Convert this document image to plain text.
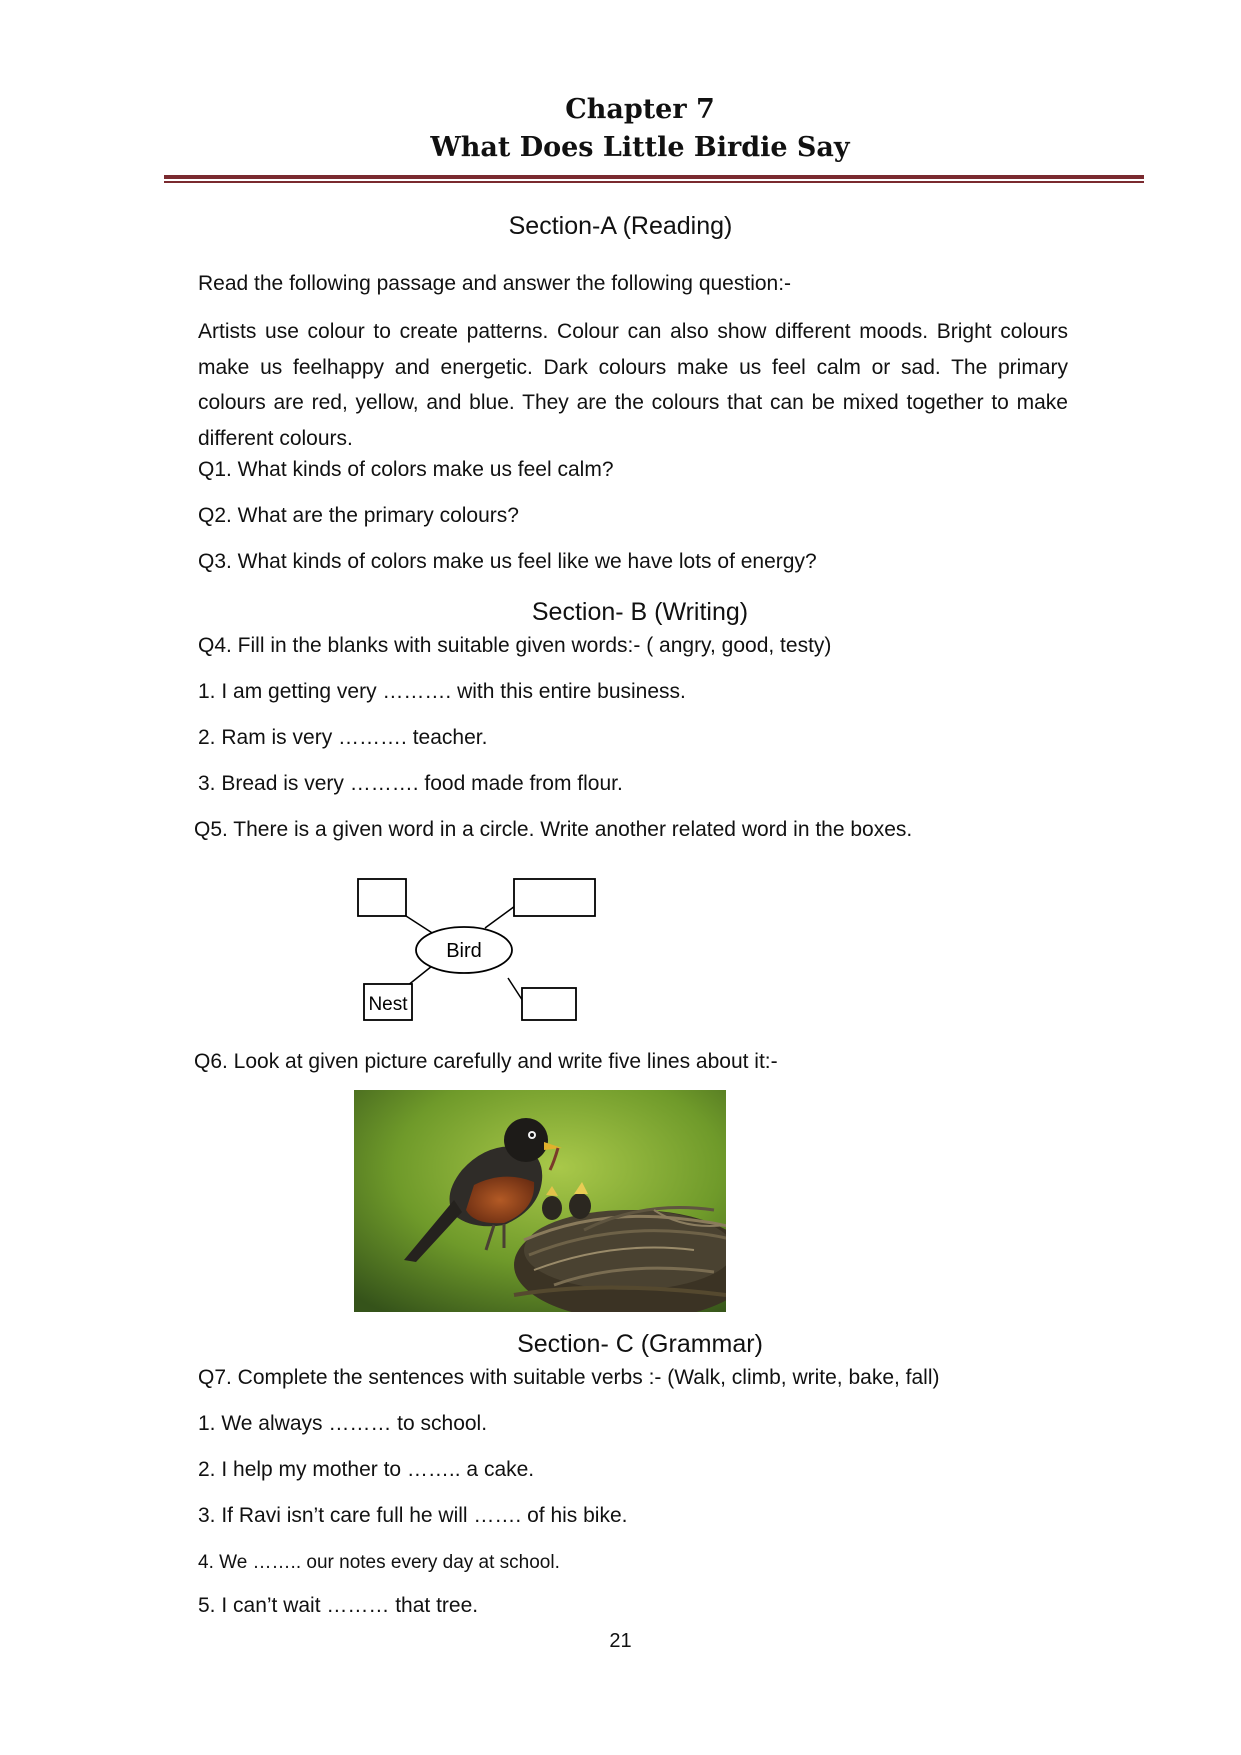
Chapter 7
What Does Little Birdie Say
Section-A (Reading)
Read the following passage and answer the following question:-
Artists use colour to create patterns. Colour can also show different moods. Bright colours make us feelhappy and energetic. Dark colours make us feel calm or sad. The primary colours are red, yellow, and blue. They are the colours that can be mixed together to make different colours.
Q1. What kinds of colors make us feel calm?
Q2. What are the primary colours?
Q3. What kinds of colors make us feel like we have lots of energy?
Section- B (Writing)
Q4. Fill in the blanks with suitable given words:- ( angry, good, testy)
1. I am getting very ………. with this entire business.
2. Ram is very ………. teacher.
3. Bread is very ………. food made from flour.
Q5. There is a given word in a circle. Write another related word in the boxes.
Bird
Nest
Q6. Look at given picture carefully and write five lines about it:-
Section- C (Grammar)
Q7. Complete the sentences with suitable verbs :- (Walk, climb, write, bake, fall)
1. We always ……… to school.
2. I help my mother to …….. a cake.
3. If Ravi isn’t care full he will ……. of his bike.
4. We …….. our notes every day at school.
5. I can’t wait ……… that tree.
21
